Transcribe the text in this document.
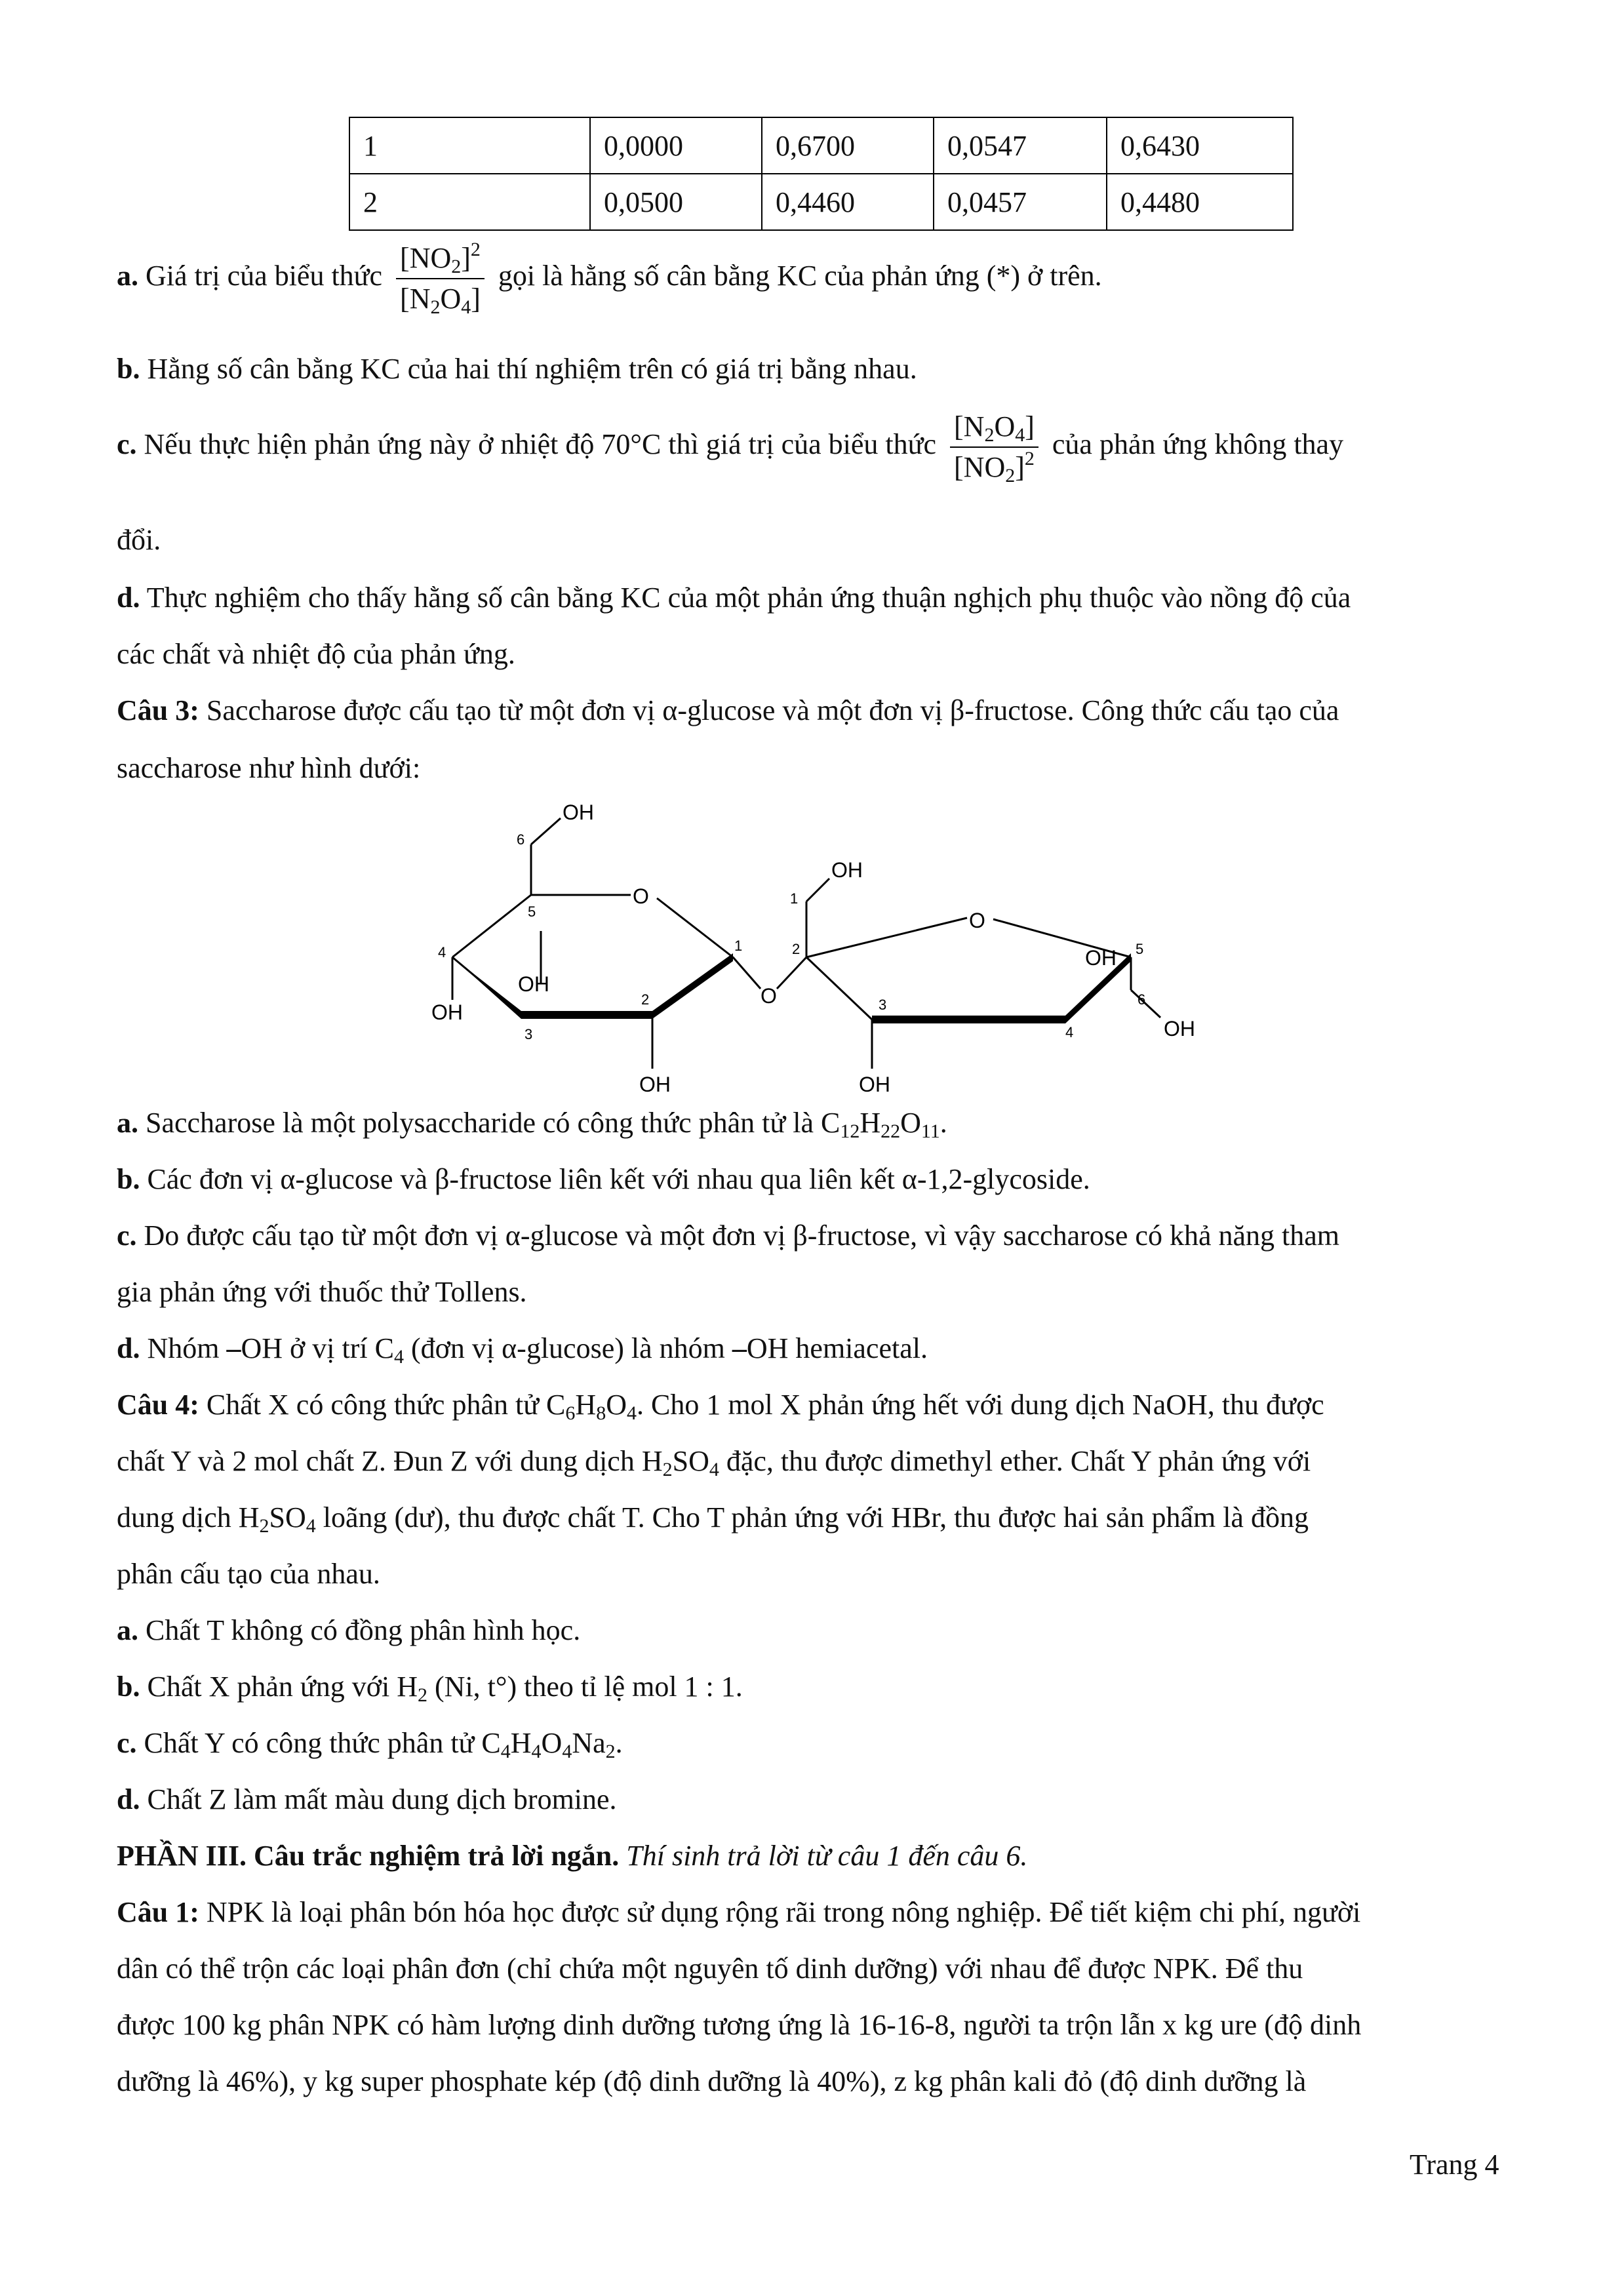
1	0,0000	0,6700	0,0547	0,6430
2	0,0500	0,4460	0,0457	0,4480
a. Giá trị của biểu thức $\frac{[NO_2]^2}{[N_2O_4]}$ gọi là hằng số cân bằng KC của phản ứng (*) ở trên.
b. Hằng số cân bằng KC của hai thí nghiệm trên có giá trị bằng nhau.
c. Nếu thực hiện phản ứng này ở nhiệt độ 70°C thì giá trị của biểu thức $\frac{[N_2O_4]}{[NO_2]^2}$ của phản ứng không thay
đổi.
d. Thực nghiệm cho thấy hằng số cân bằng KC của một phản ứng thuận nghịch phụ thuộc vào nồng độ của
các chất và nhiệt độ của phản ứng.
Câu 3: Saccharose được cấu tạo từ một đơn vị α-glucose và một đơn vị β-fructose. Công thức cấu tạo của
saccharose như hình dưới:
OH
O
OH
OH
OH
O
OH
O
OH
OH
OH
6
5
4
3
2
1
1
2
3
4
5
6
a. Saccharose là một polysaccharide có công thức phân tử là $C_{12}H_{22}O_{11}$.
b. Các đơn vị α-glucose và β-fructose liên kết với nhau qua liên kết α-1,2-glycoside.
c. Do được cấu tạo từ một đơn vị α-glucose và một đơn vị β-fructose, vì vậy saccharose có khả năng tham
gia phản ứng với thuốc thử Tollens.
d. Nhóm –OH ở vị trí $C_4$ (đơn vị α-glucose) là nhóm –OH hemiacetal.
Câu 4: Chất X có công thức phân tử $C_6H_8O_4$. Cho 1 mol X phản ứng hết với dung dịch NaOH, thu được
chất Y và 2 mol chất Z. Đun Z với dung dịch $H_2SO_4$ đặc, thu được dimethyl ether. Chất Y phản ứng với
dung dịch $H_2SO_4$ loãng (dư), thu được chất T. Cho T phản ứng với HBr, thu được hai sản phẩm là đồng
phân cấu tạo của nhau.
a. Chất T không có đồng phân hình học.
b. Chất X phản ứng với $H_2$ (Ni, t°) theo tỉ lệ mol 1 : 1.
c. Chất Y có công thức phân tử $C_4H_4O_4Na_2$.
d. Chất Z làm mất màu dung dịch bromine.
PHẦN III. Câu trắc nghiệm trả lời ngắn. Thí sinh trả lời từ câu 1 đến câu 6.
Câu 1: NPK là loại phân bón hóa học được sử dụng rộng rãi trong nông nghiệp. Để tiết kiệm chi phí, người
dân có thể trộn các loại phân đơn (chỉ chứa một nguyên tố dinh dưỡng) với nhau để được NPK. Để thu
được 100 kg phân NPK có hàm lượng dinh dưỡng tương ứng là 16-16-8, người ta trộn lẫn x kg ure (độ dinh
dưỡng là 46%), y kg super phosphate kép (độ dinh dưỡng là 40%), z kg phân kali đỏ (độ dinh dưỡng là
Trang 4
